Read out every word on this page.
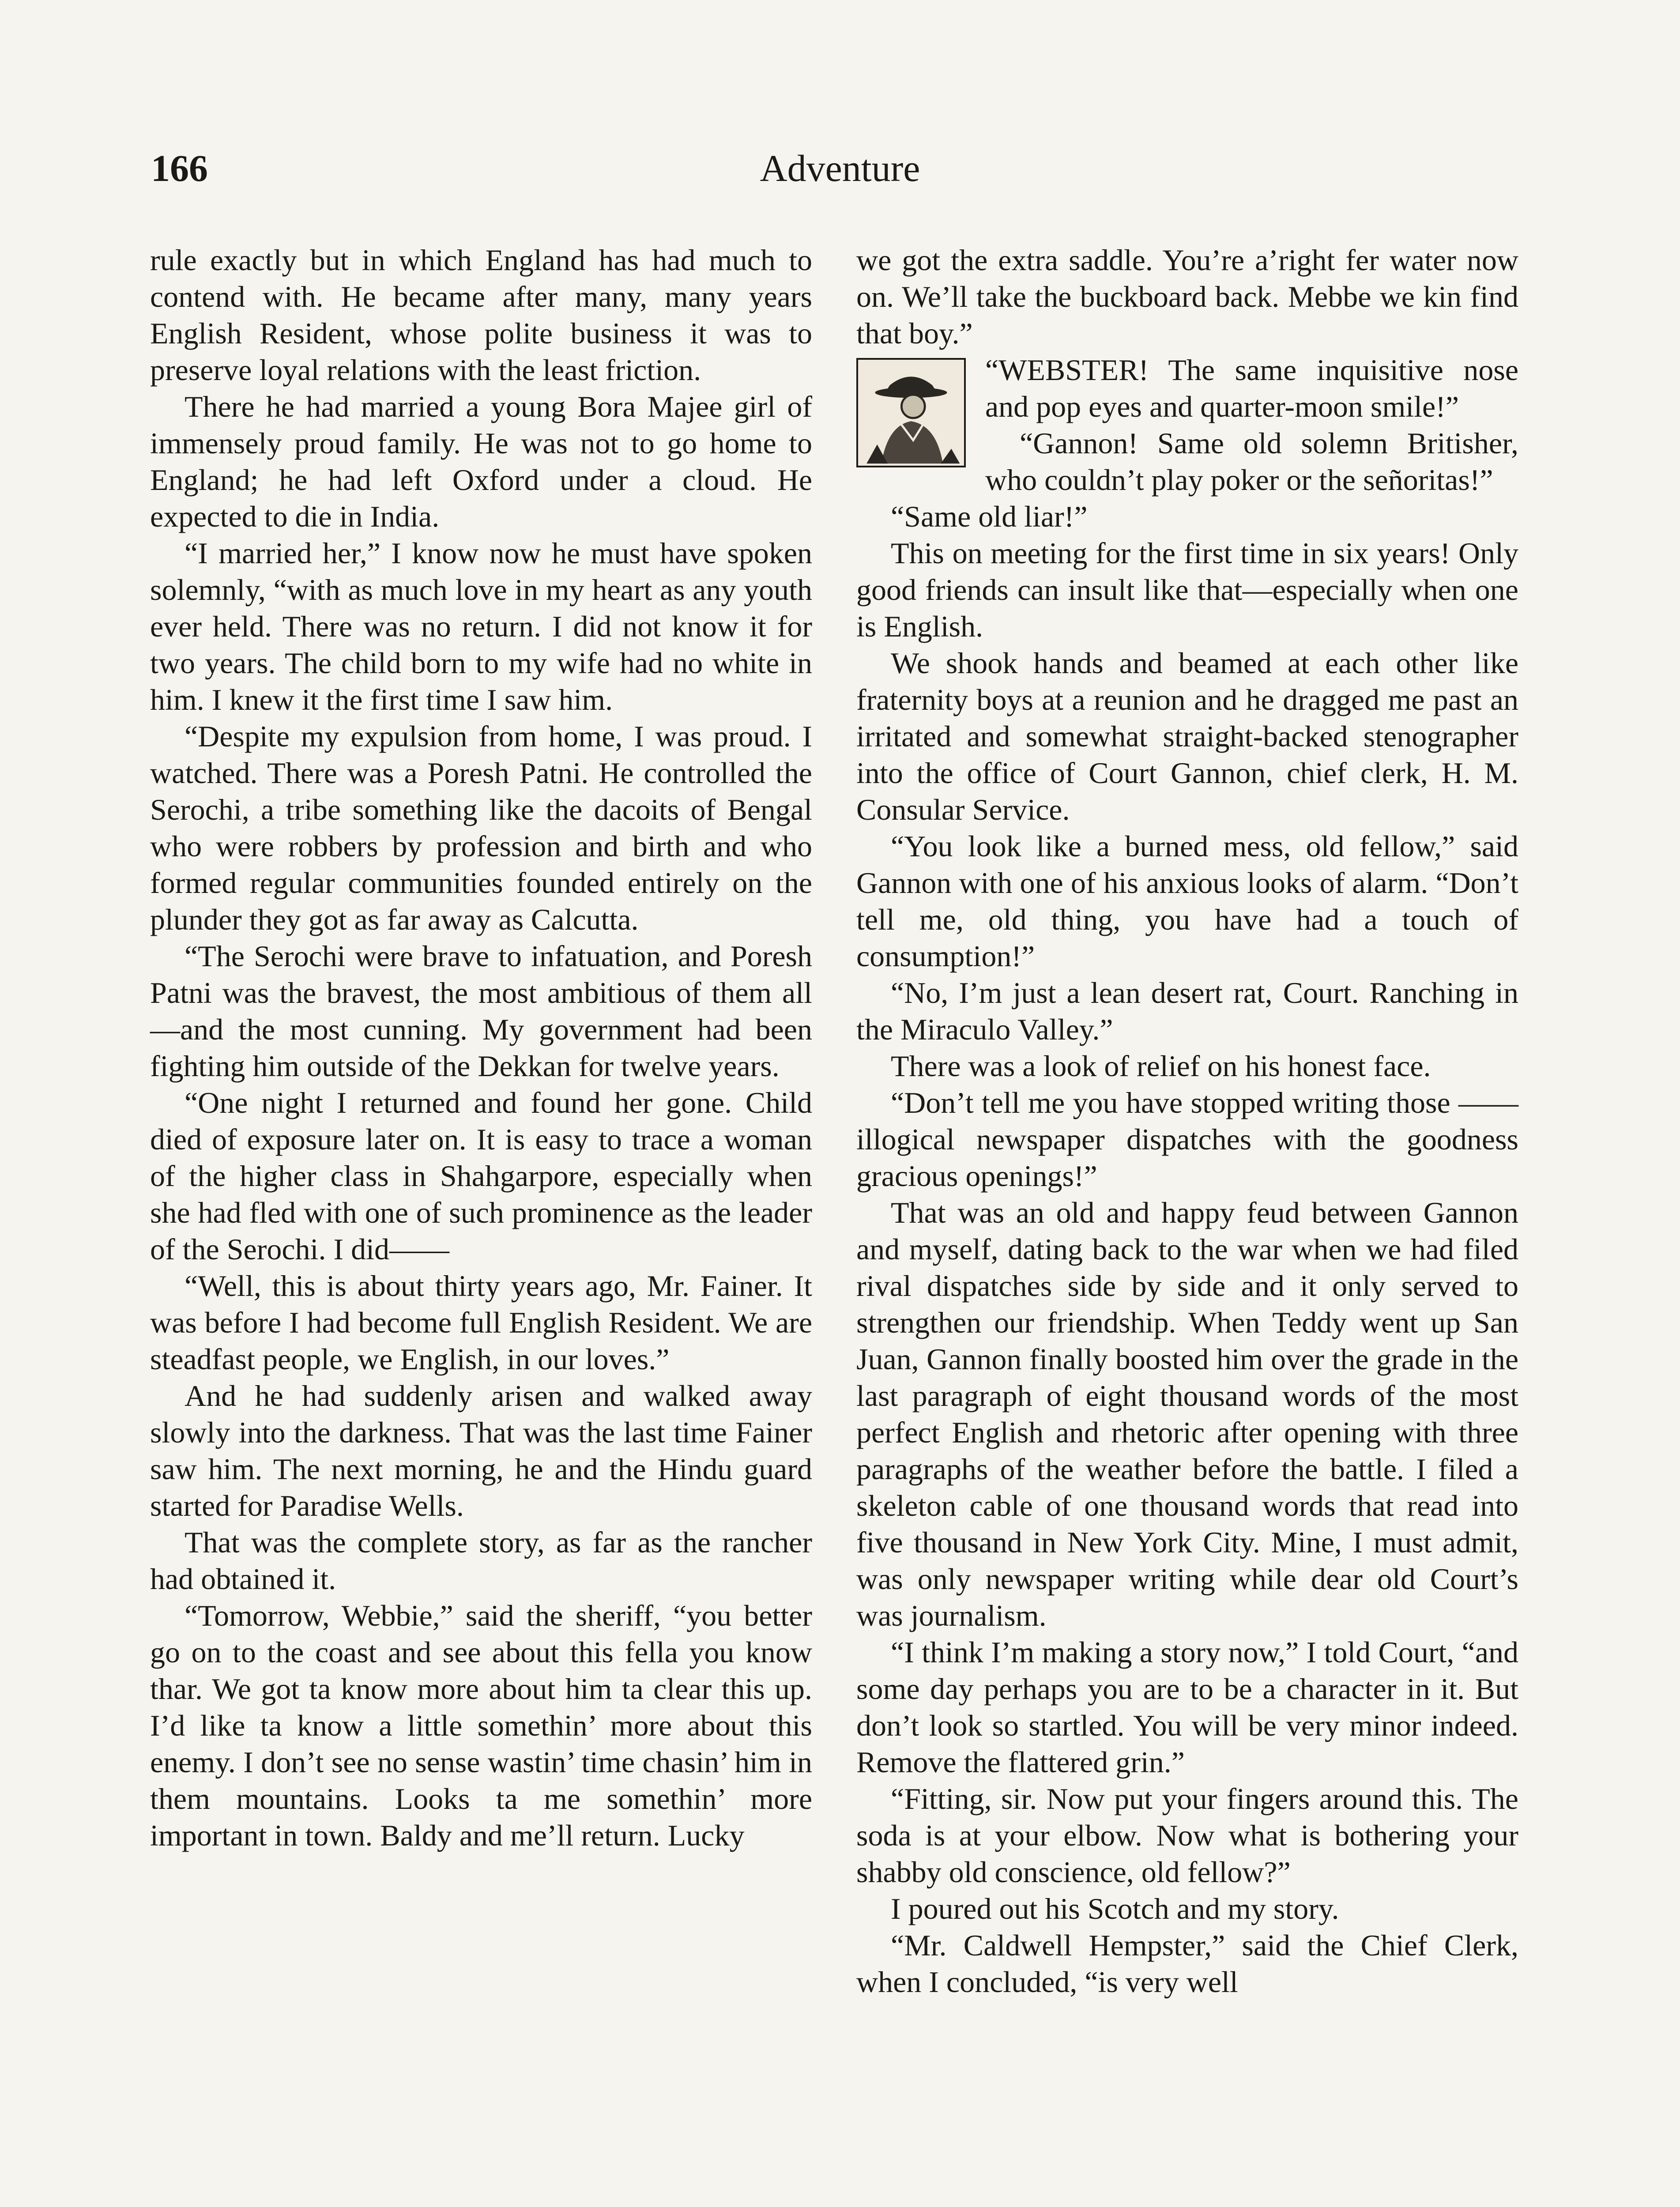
166	Adventure

rule exactly but in which England has had much to contend with. He became after many, many years English Resident, whose polite business it was to preserve loyal relations with the least friction.

There he had married a young Bora Majee girl of immensely proud family. He was not to go home to England; he had left Oxford under a cloud. He expected to die in India.

“I married her,” I know now he must have spoken solemnly, “with as much love in my heart as any youth ever held. There was no return. I did not know it for two years. The child born to my wife had no white in him. I knew it the first time I saw him.

“Despite my expulsion from home, I was proud. I watched. There was a Poresh Patni. He controlled the Serochi, a tribe something like the dacoits of Bengal who were robbers by profession and birth and who formed regular communities founded entirely on the plunder they got as far away as Calcutta.

“The Serochi were brave to infatuation, and Poresh Patni was the bravest, the most ambitious of them all—and the most cunning. My government had been fighting him outside of the Dekkan for twelve years.

“One night I returned and found her gone. Child died of exposure later on. It is easy to trace a woman of the higher class in Shahgarpore, especially when she had fled with one of such prominence as the leader of the Serochi. I did——

“Well, this is about thirty years ago, Mr. Fainer. It was before I had become full English Resident. We are steadfast people, we English, in our loves.”

And he had suddenly arisen and walked away slowly into the darkness. That was the last time Fainer saw him. The next morning, he and the Hindu guard started for Paradise Wells.

That was the complete story, as far as the rancher had obtained it.

“Tomorrow, Webbie,” said the sheriff, “you better go on to the coast and see about this fella you know thar. We got ta know more about him ta clear this up. I’d like ta know a little somethin’ more about this enemy. I don’t see no sense wastin’ time chasin’ him in them mountains. Looks ta me somethin’ more important in town. Baldy and me’ll return. Lucky

we got the extra saddle. You’re a’right fer water now on. We’ll take the buckboard back. Mebbe we kin find that boy.”

“WEBSTER! The same inquisitive nose and pop eyes and quarter-moon smile!”

“Gannon! Same old solemn Britisher, who couldn’t play poker or the señoritas!”

“Same old liar!”

This on meeting for the first time in six years! Only good friends can insult like that—especially when one is English.

We shook hands and beamed at each other like fraternity boys at a reunion and he dragged me past an irritated and somewhat straight-backed stenographer into the office of Court Gannon, chief clerk, H. M. Consular Service.

“You look like a burned mess, old fellow,” said Gannon with one of his anxious looks of alarm. “Don’t tell me, old thing, you have had a touch of consumption!”

“No, I’m just a lean desert rat, Court. Ranching in the Miraculo Valley.”

There was a look of relief on his honest face.

“Don’t tell me you have stopped writing those —— illogical newspaper dispatches with the goodness gracious openings!”

That was an old and happy feud between Gannon and myself, dating back to the war when we had filed rival dispatches side by side and it only served to strengthen our friendship. When Teddy went up San Juan, Gannon finally boosted him over the grade in the last paragraph of eight thousand words of the most perfect English and rhetoric after opening with three paragraphs of the weather before the battle. I filed a skeleton cable of one thousand words that read into five thousand in New York City. Mine, I must admit, was only newspaper writing while dear old Court’s was journalism.

“I think I’m making a story now,” I told Court, “and some day perhaps you are to be a character in it. But don’t look so startled. You will be very minor indeed. Remove the flattered grin.”

“Fitting, sir. Now put your fingers around this. The soda is at your elbow. Now what is bothering your shabby old conscience, old fellow?”

I poured out his Scotch and my story.

“Mr. Caldwell Hempster,” said the Chief Clerk, when I concluded, “is very well
